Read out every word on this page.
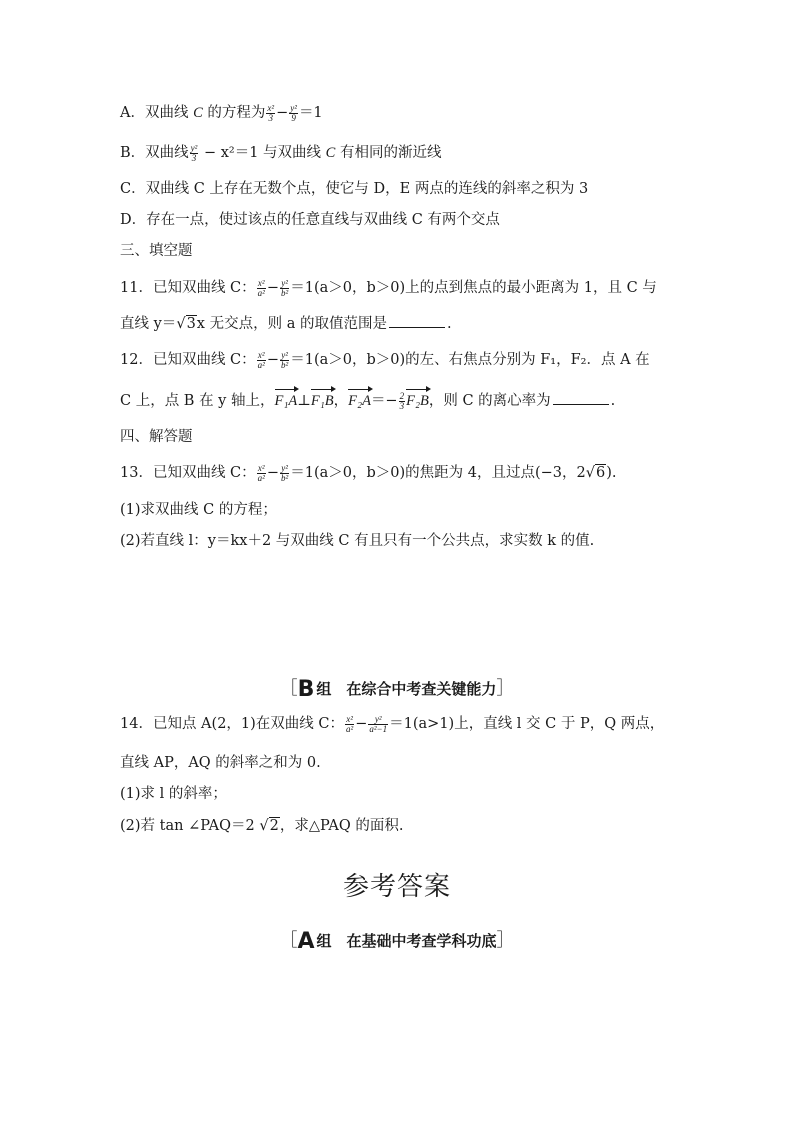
A．双曲线 C 的方程为 $\frac{\text{x²}}{3} - \frac{\text{y²}}{9} =1$
B．双曲线 $\frac{\text{y²}}{3} - x^2=1$ 与双曲线 C 有相同的渐近线
C．双曲线 C 上存在无数个点，使它与 D，E 两点的连线的斜率之积为 3
D．存在一点，使过该点的任意直线与双曲线 C 有两个交点
三、填空题
11．已知双曲线 C： $\frac{\text{x²}}{\text{a²}} - \frac{\text{y²}}{\text{b²}} =1(a>0$，b＞0)上的点到焦点的最小距离为 1，且 C 与
直线 y＝√3x 无交点，则 a 的取值范围是	.
12．已知双曲线 C： $\frac{\text{x²}}{\text{a²}} - \frac{\text{y²}}{\text{b²}} =1(a>0$，b＞0)的左、右焦点分别为 F₁，F₂．点 A 在
C 上，点 B 在 y 轴上，F₁A⊥F₁B，$F_2A=- \frac{2}{3} F_2B$，则 C 的离心率为	.
四、解答题
13．已知双曲线 C： $\frac{\text{x²}}{\text{a²}} - \frac{\text{y²}}{\text{b²}} =1(a>0$，b＞0)的焦距为 4，且过点(−3，2√6).
(1)求双曲线 C 的方程；
(2)若直线 l：y＝kx＋2 与双曲线 C 有且只有一个公共点，求实数 k 的值.
［B 组　在综合中考查关键能力］
14．已知点 A(2，1)在双曲线 C： $\frac{\text{x²}}{\text{a²}} - \frac{\text{y²}}{\text{a²−1}} =1(a>1)$上，直线 l 交 C 于 P，Q 两点，
直线 AP，AQ 的斜率之和为 0.
(1)求 l 的斜率；
(2)若 tan ∠PAQ＝2 √2，求△PAQ 的面积.
参考答案
［A 组　在基础中考查学科功底］
